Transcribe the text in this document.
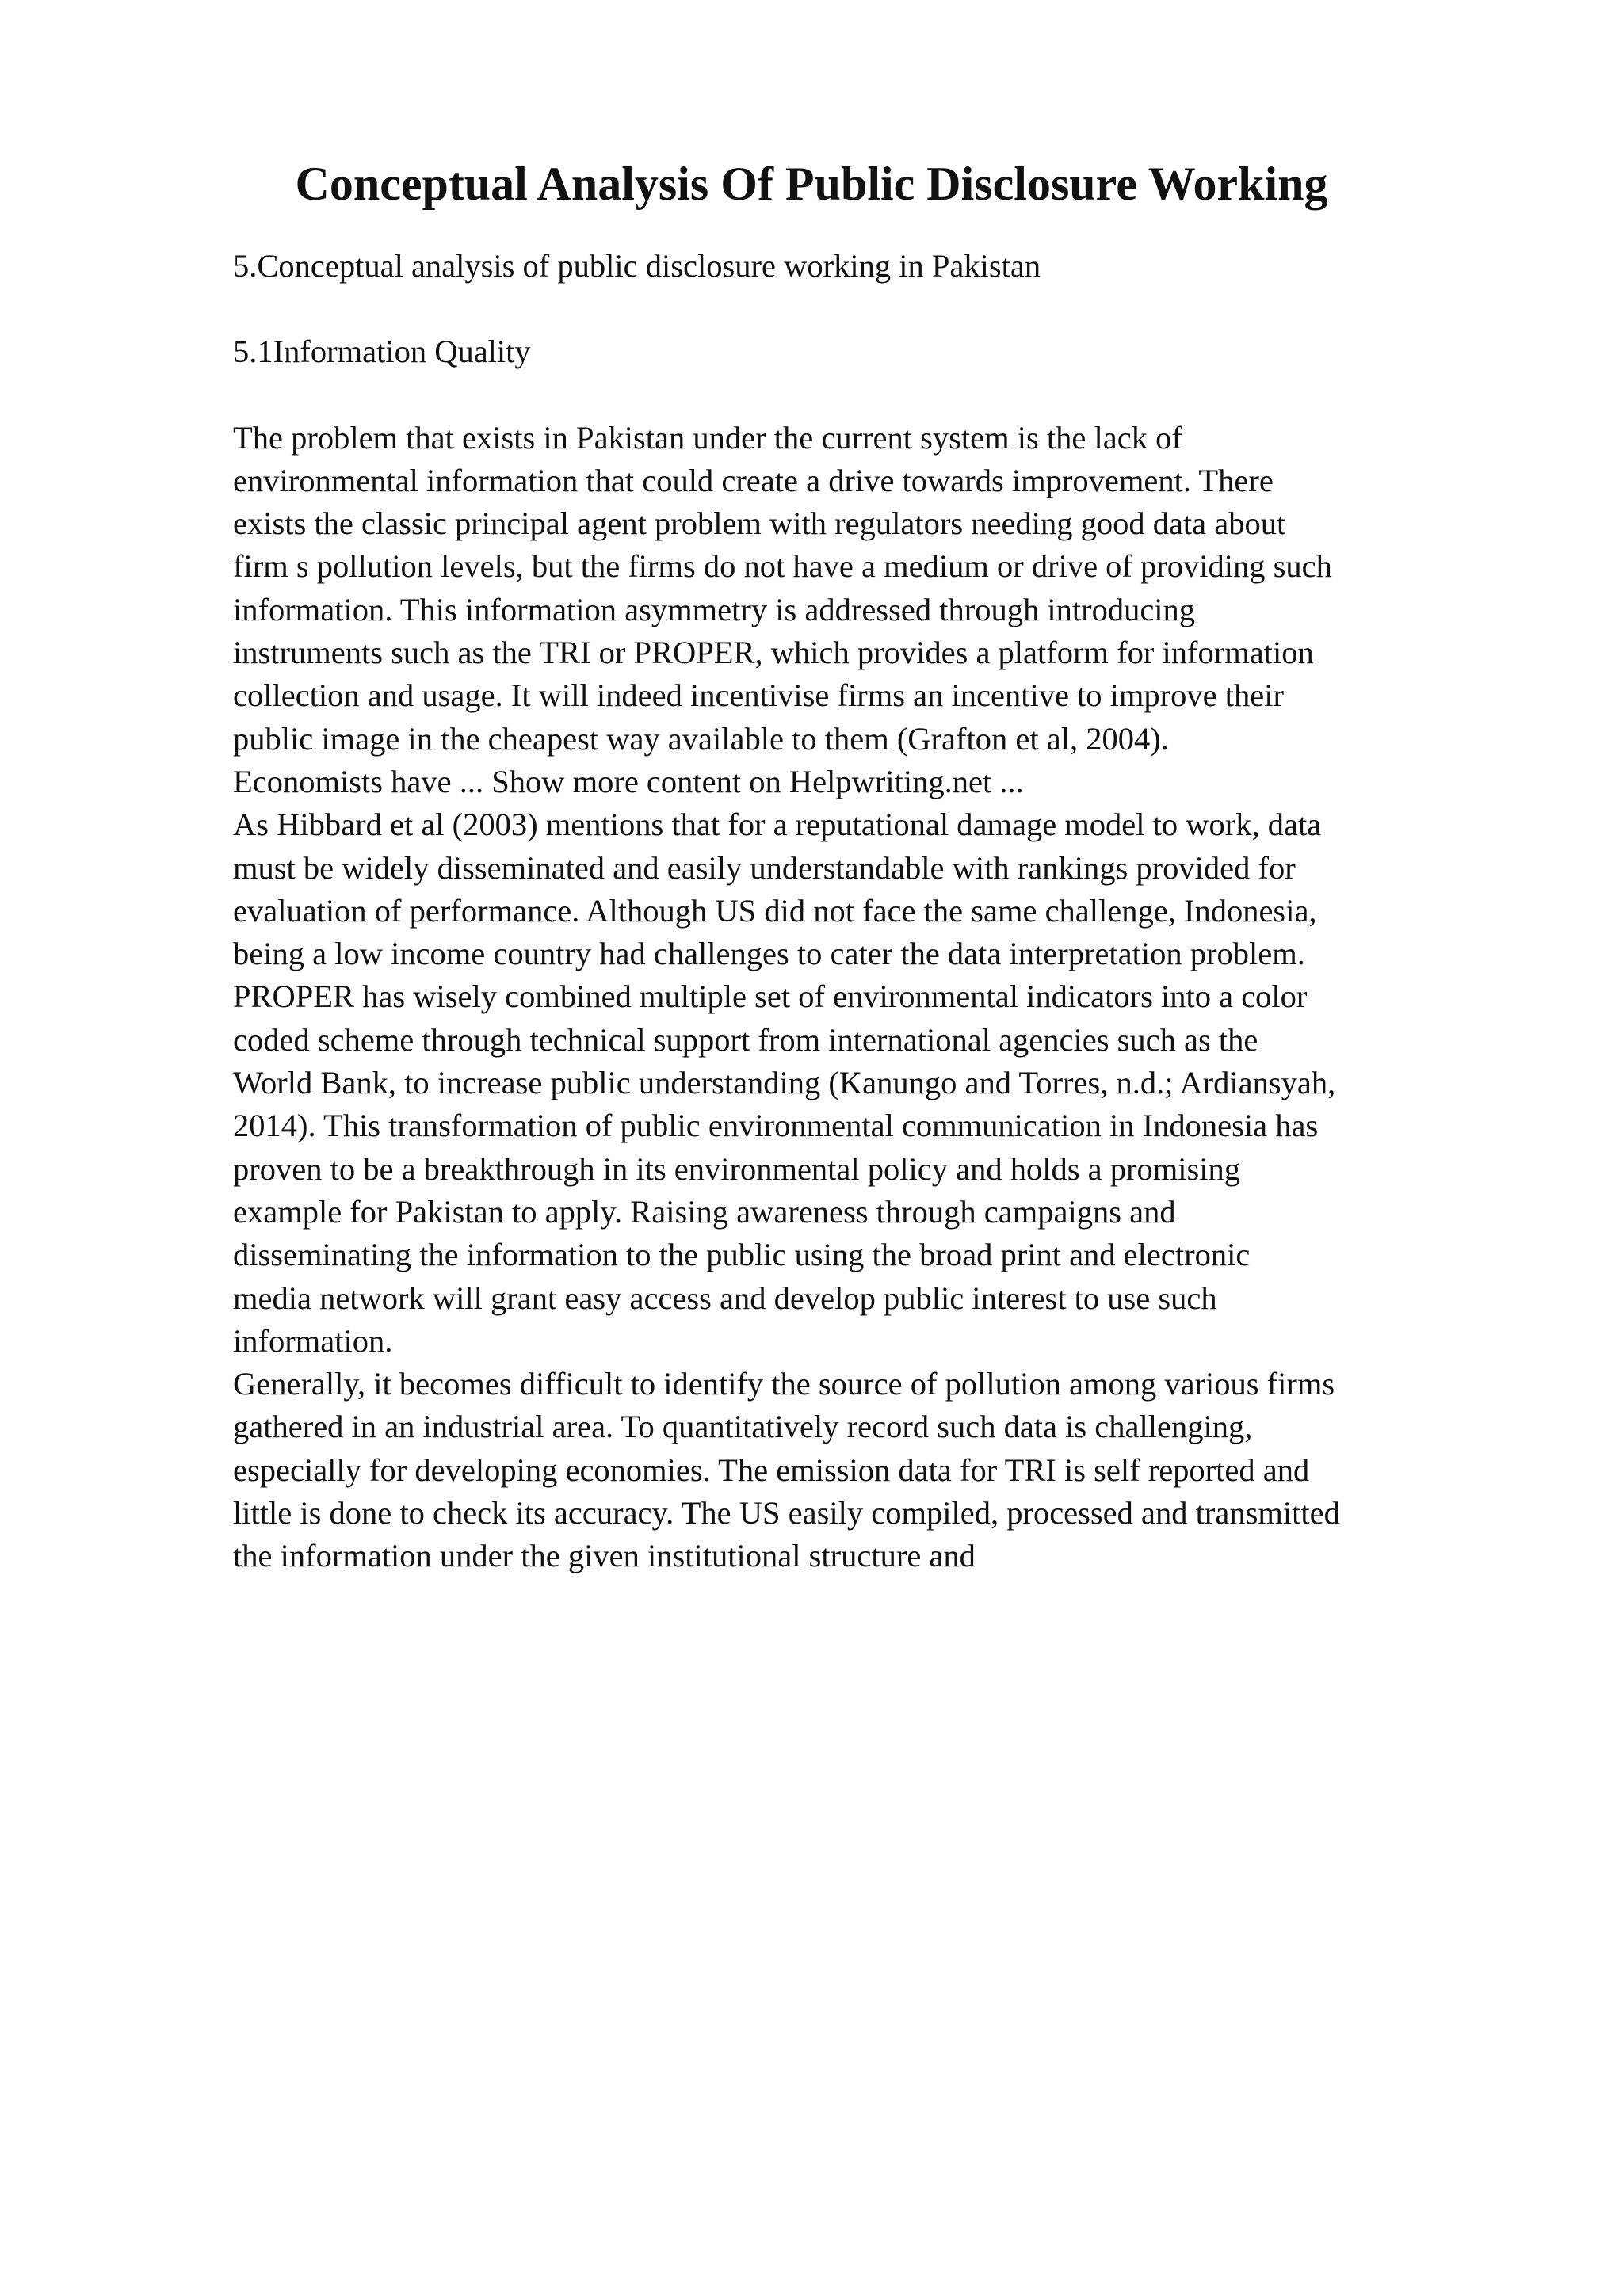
Conceptual Analysis Of Public Disclosure Working
5.Conceptual analysis of public disclosure working in Pakistan
5.1Information Quality
The problem that exists in Pakistan under the current system is the lack of
environmental information that could create a drive towards improvement. There
exists the classic principal agent problem with regulators needing good data about
firm s pollution levels, but the firms do not have a medium or drive of providing such
information. This information asymmetry is addressed through introducing
instruments such as the TRI or PROPER, which provides a platform for information
collection and usage. It will indeed incentivise firms an incentive to improve their
public image in the cheapest way available to them (Grafton et al, 2004).
Economists have ... Show more content on Helpwriting.net ...
As Hibbard et al (2003) mentions that for a reputational damage model to work, data
must be widely disseminated and easily understandable with rankings provided for
evaluation of performance. Although US did not face the same challenge, Indonesia,
being a low income country had challenges to cater the data interpretation problem.
PROPER has wisely combined multiple set of environmental indicators into a color
coded scheme through technical support from international agencies such as the
World Bank, to increase public understanding (Kanungo and Torres, n.d.; Ardiansyah,
2014). This transformation of public environmental communication in Indonesia has
proven to be a breakthrough in its environmental policy and holds a promising
example for Pakistan to apply. Raising awareness through campaigns and
disseminating the information to the public using the broad print and electronic
media network will grant easy access and develop public interest to use such
information.
Generally, it becomes difficult to identify the source of pollution among various firms
gathered in an industrial area. To quantitatively record such data is challenging,
especially for developing economies. The emission data for TRI is self reported and
little is done to check its accuracy. The US easily compiled, processed and transmitted
the information under the given institutional structure and
